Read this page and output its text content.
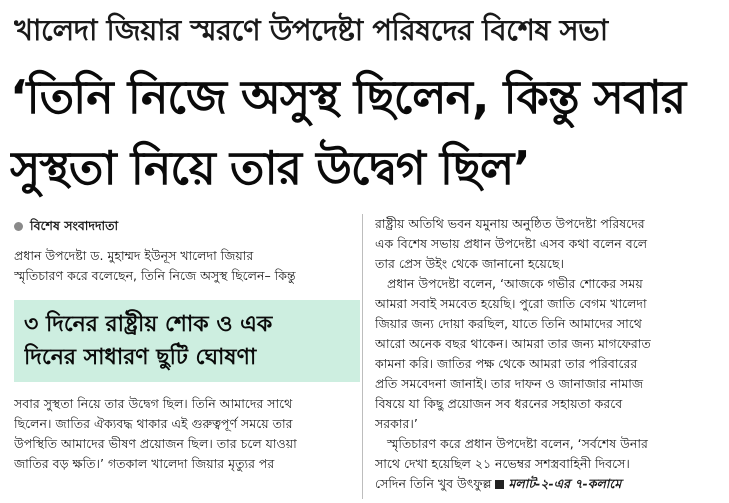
খালেদা জিয়ার স্মরণে উপদেষ্টা পরিষদের বিশেষ সভা
‘তিনি নিজে অসুস্থ ছিলেন, কিন্তু সবার
সুস্থতা নিয়ে তার উদ্বেগ ছিল’
বিশেষ সংবাদদাতা
প্রধান উপদেষ্টা ড. মুহাম্মদ ইউনূস খালেদা জিয়ার
স্মৃতিচারণ করে বলেছেন, তিনি নিজে অসুস্থ ছিলেন– কিন্তু
৩ দিনের রাষ্ট্রীয় শোক ও এক
দিনের সাধারণ ছুটি ঘোষণা
সবার সুস্থতা নিয়ে তার উদ্বেগ ছিল। তিনি আমাদের সাথে
ছিলেন। জাতির ঐক্যবদ্ধ থাকার এই গুরুত্বপূর্ণ সময়ে তার
উপস্থিতি আমাদের ভীষণ প্রয়োজন ছিল। তার চলে যাওয়া
জাতির বড় ক্ষতি।’ গতকাল খালেদা জিয়ার মৃত্যুর পর
রাষ্ট্রীয় অতিথি ভবন যমুনায় অনুষ্ঠিত উপদেষ্টা পরিষদের
এক বিশেষ সভায় প্রধান উপদেষ্টা এসব কথা বলেন বলে
তার প্রেস উইং থেকে জানানো হয়েছে।
প্রধান উপদেষ্টা বলেন, ‘আজকে গভীর শোকের সময়
আমরা সবাই সমবেত হয়েছি। পুরো জাতি বেগম খালেদা
জিয়ার জন্য দোয়া করছিল, যাতে তিনি আমাদের সাথে
আরো অনেক বছর থাকেন। আমরা তার জন্য মাগফেরাত
কামনা করি। জাতির পক্ষ থেকে আমরা তার পরিবারের
প্রতি সমবেদনা জানাই। তার দাফন ও জানাজার নামাজ
বিষয়ে যা কিছু প্রয়োজন সব ধরনের সহায়তা করবে
সরকার।’
স্মৃতিচারণ করে প্রধান উপদেষ্টা বলেন, ‘সর্বশেষ উনার
সাথে দেখা হয়েছিল ২১ নভেম্বর সশস্ত্রবাহিনী দিবসে।
সেদিন তিনি খুব উৎফুল্ল মলাট-২-এর ৭-কলামে
